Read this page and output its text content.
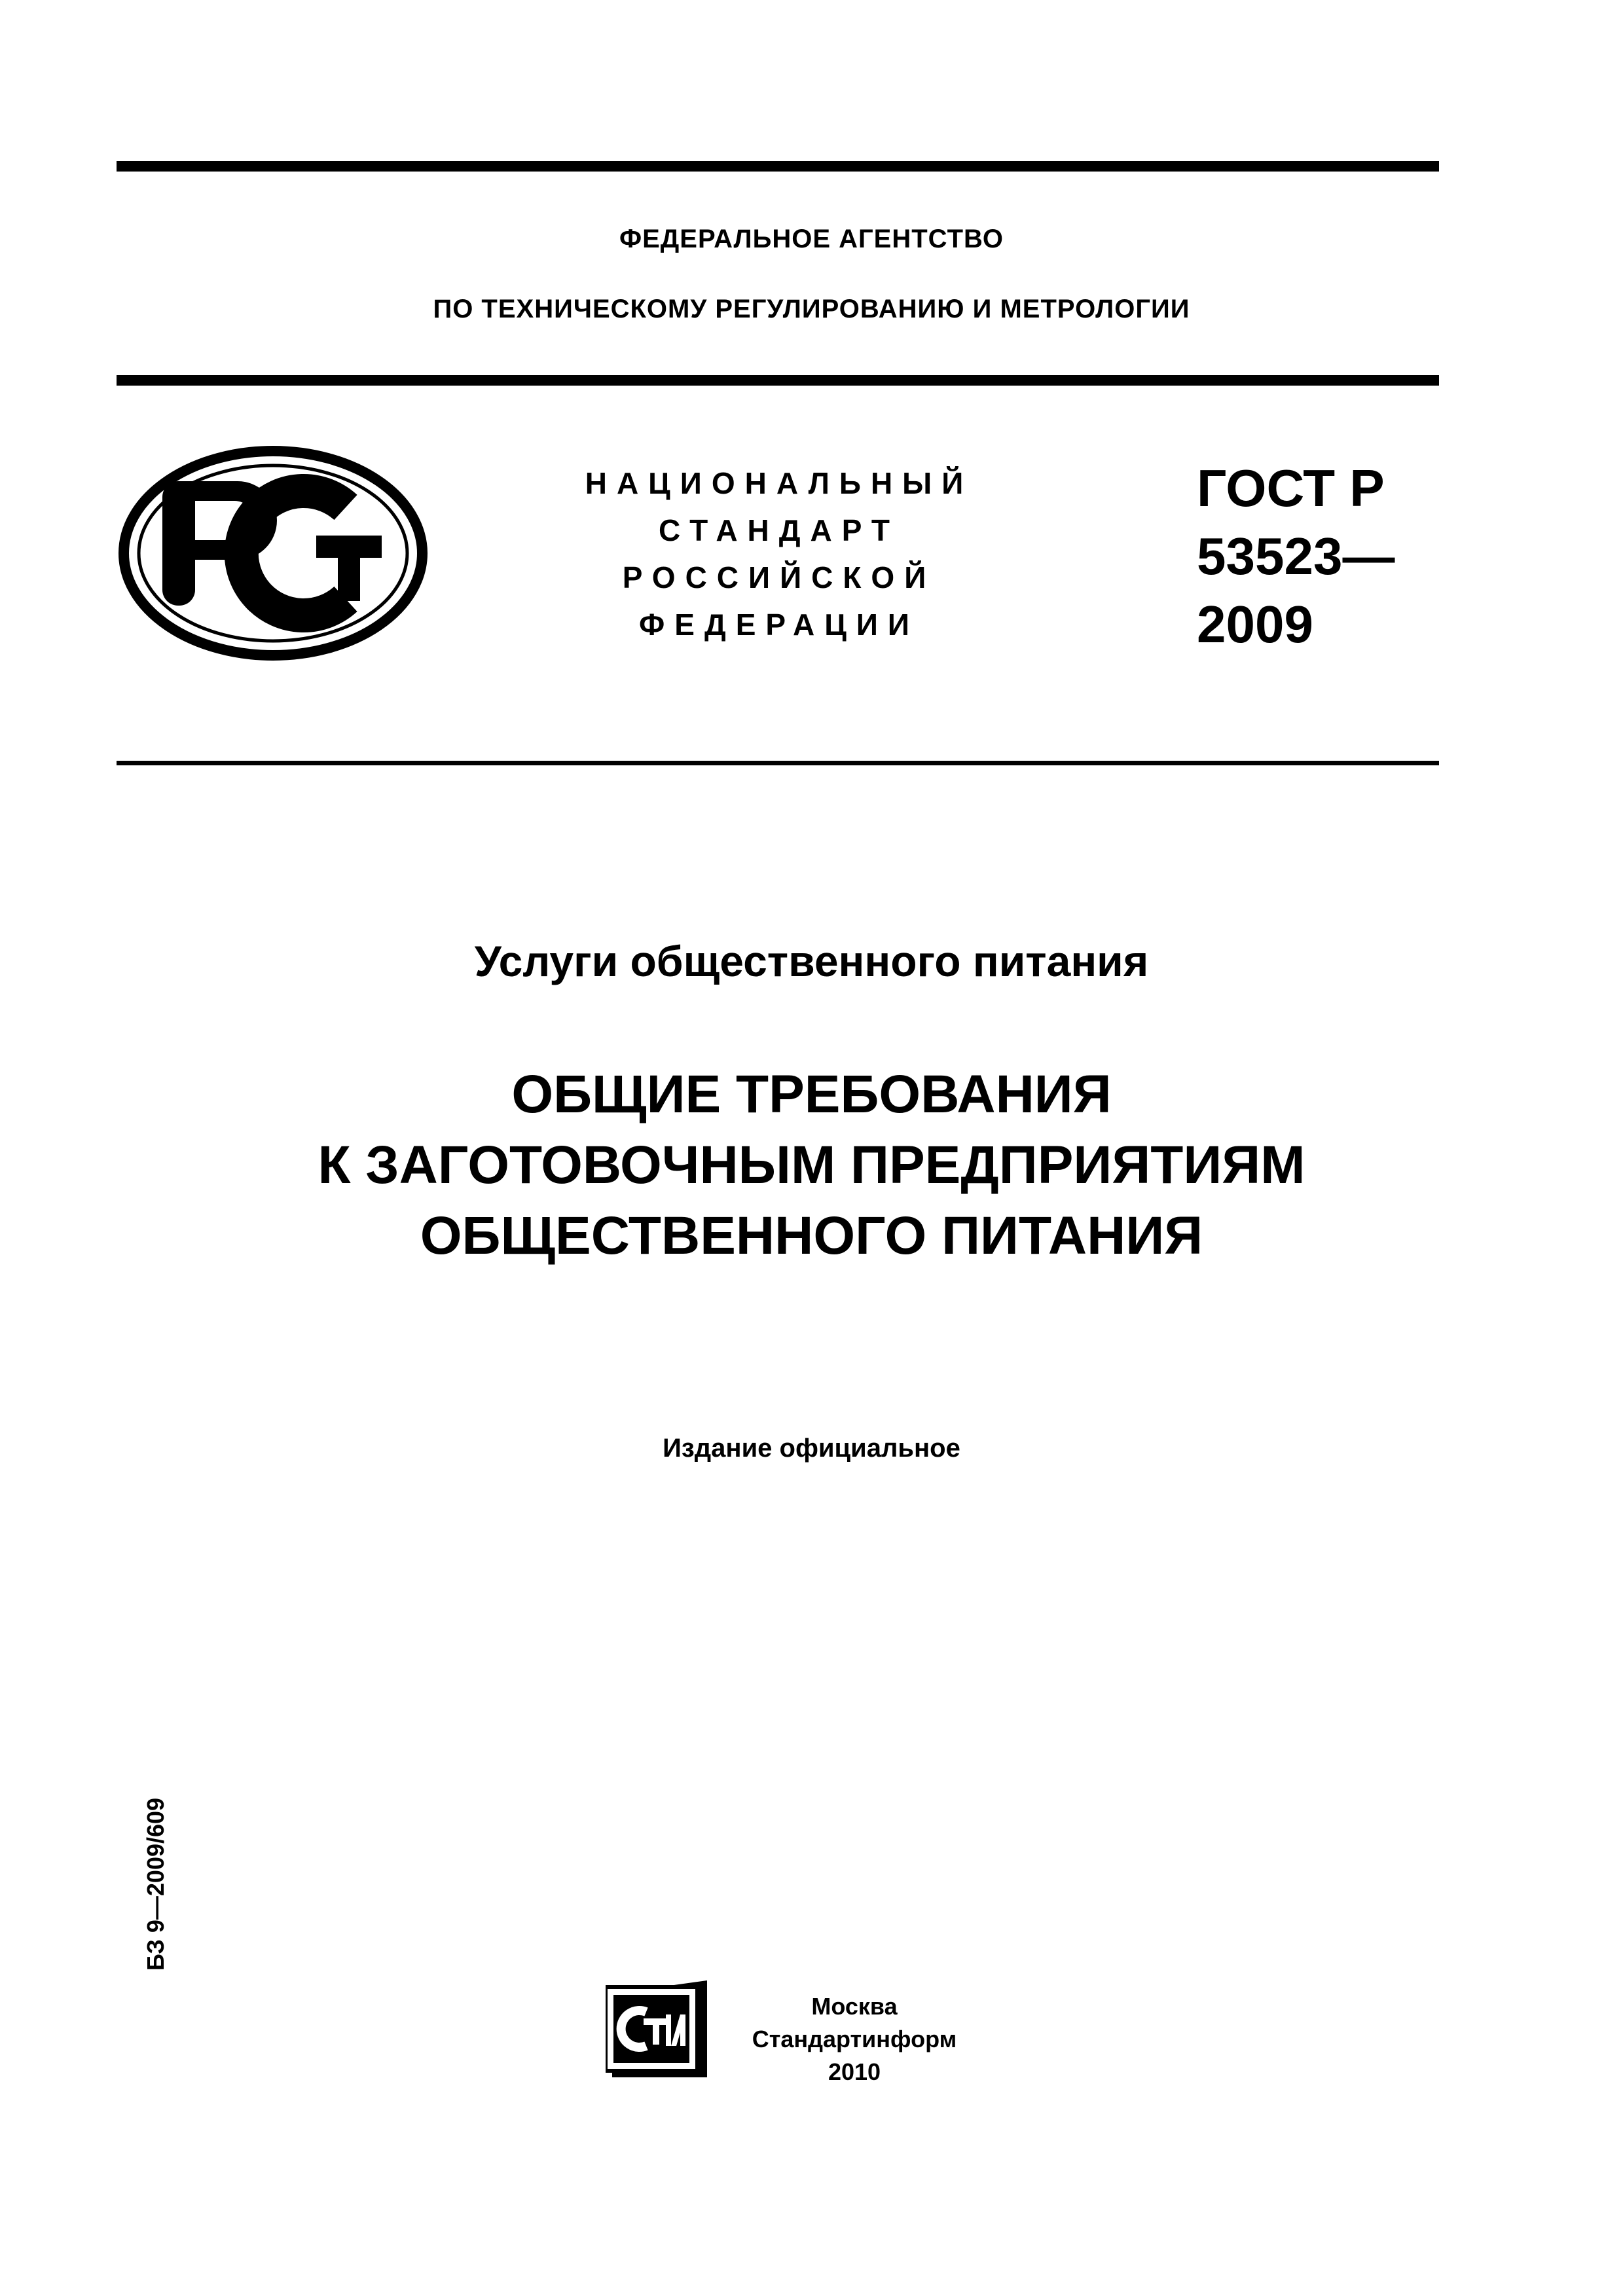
ФЕДЕРАЛЬНОЕ АГЕНТСТВО
ПО ТЕХНИЧЕСКОМУ РЕГУЛИРОВАНИЮ И МЕТРОЛОГИИ
НАЦИОНАЛЬНЫЙ
СТАНДАРТ
РОССИЙСКОЙ
ФЕДЕРАЦИИ
ГОСТ Р
53523—
2009
Услуги общественного питания
ОБЩИЕ ТРЕБОВАНИЯ
К ЗАГОТОВОЧНЫМ ПРЕДПРИЯТИЯМ
ОБЩЕСТВЕННОГО ПИТАНИЯ
Издание официальное
БЗ 9—2009/609
Москва
Стандартинформ
2010
